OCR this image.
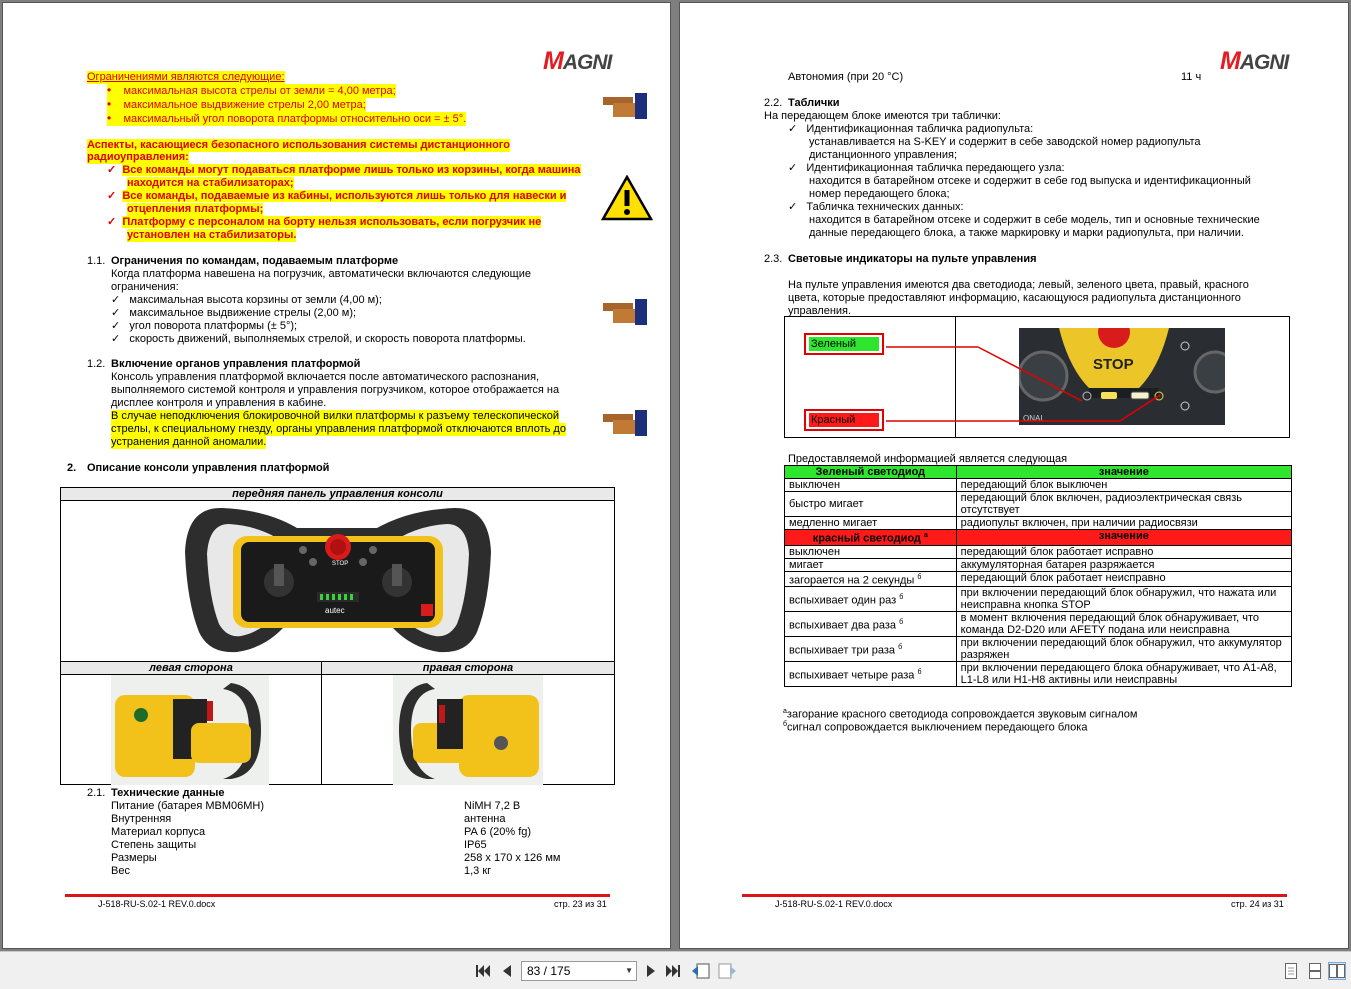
MAGNI
Ограничениями являются следующие:
• максимальная высота стрелы от земли = 4,00 метра;
• максимальное выдвижение стрелы 2,00 метра;
• максимальный угол поворота платформы относительно оси = ± 5°.
Аспекты, касающиеся безопасного использования системы дистанционного
радиоуправления:
✓ Все команды могут подаваться платформе лишь только из корзины, когда машина
находится на стабилизаторах;
✓ Все команды, подаваемые из кабины, используются лишь только для навески и
отцепления платформы;
✓ Платформу с персоналом на борту нельзя использовать, если погрузчик не
установлен на стабилизаторы.
1.1. Ограничения по командам, подаваемым платформе
Когда платформа навешена на погрузчик, автоматически включаются следующие
ограничения:
✓ максимальная высота корзины от земли (4,00 м);
✓ максимальное выдвижение стрелы (2,00 м);
✓ угол поворота платформы (± 5°);
✓ скорость движений, выполняемых стрелой, и скорость поворота платформы.
1.2. Включение органов управления платформой
Консоль управления платформой включается после автоматического распознания,
выполняемого системой контроля и управления погрузчиком, которое отображается на
дисплее контроля и управления в кабине.
В случае неподключения блокировочной вилки платформы к разъему телескопической
стрелы, к специальному гнезду, органы управления платформой отключаются вплоть до
устранения данной аномалии.
2. Описание консоли управления платформой
передняя панель управления консоли
STOP
autec
левая сторона	правая сторона
2.1. Технические данные
Питание (батарея MBM06MH)	NiMH 7,2 В
Внутренняя	антенна
Материал корпуса	PA 6 (20% fg)
Степень защиты	IP65
Размеры	258 x 170 x 126 мм
Вес	1,3 кг
J-518-RU-S.02-1 REV.0.docx	стр. 23 из 31
MAGNI
Автономия (при 20 °C)	11 ч
2.2. Таблички
На передающем блоке имеются три таблички:
✓ Идентификационная табличка радиопульта:
устанавливается на S-KEY и содержит в себе заводской номер радиопульта
дистанционного управления;
✓ Идентификационная табличка передающего узла:
находится в батарейном отсеке и содержит в себе год выпуска и идентификационный
номер передающего блока;
✓ Табличка технических данных:
находится в батарейном отсеке и содержит в себе модель, тип и основные технические
данные передающего блока, а также маркировку и марки радиопульта, при наличии.
2.3. Световые индикаторы на пульте управления
На пульте управления имеются два светодиода; левый, зеленого цвета, правый, красного
цвета, которые предоставляют информацию, касающуюся радиопульта дистанционного
управления.
Зеленый
Красный
STOP
ONAL
Предоставляемой информацией является следующая
Зеленый светодиод	значение
выключен	передающий блок выключен
быстро мигает	передающий блок включен, радиоэлектрическая связь отсутствует
медленно мигает	радиопульт включен, при наличии радиосвязи
красный светодиод $^a$	значение
выключен	передающий блок работает исправно
мигает	аккумуляторная батарея разряжается
загорается на 2 секунды $^б$	передающий блок работает неисправно
вспыхивает один раз $^б$	при включении передающий блок обнаружил, что нажата или неисправна кнопка STOP
вспыхивает два раза $^б$	в момент включения передающий блок обнаруживает, что команда D2-D20 или AFETY подана или неисправна
вспыхивает три раза $^б$	при включении передающий блок обнаружил, что аккумулятор разряжен
вспыхивает четыре раза $^б$	при включении передающего блока обнаруживает, что A1-A8, L1-L8 или H1-H8 активны или неисправны
$^a$загорание красного светодиода сопровождается звуковым сигналом
$^б$сигнал сопровождается выключением передающего блока
J-518-RU-S.02-1 REV.0.docx	стр. 24 из 31
83 / 175	▼
